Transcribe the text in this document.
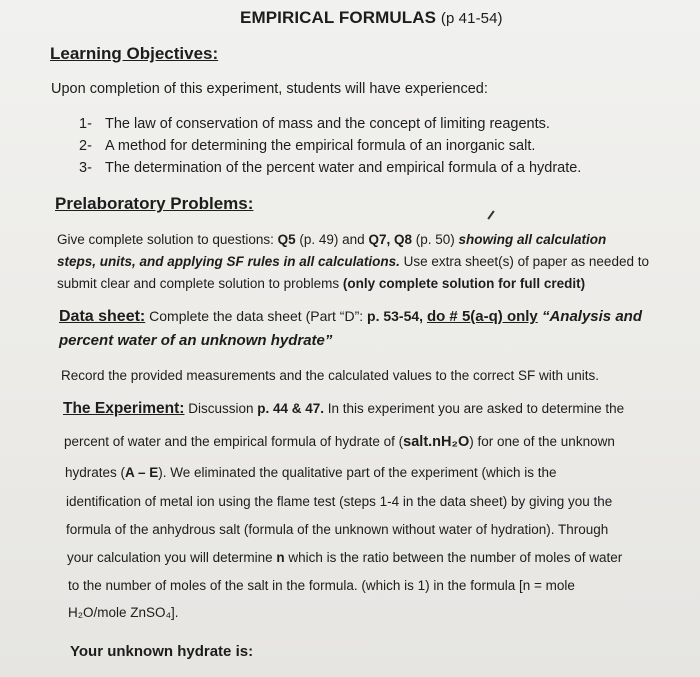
EMPIRICAL FORMULAS (p 41-54)
Learning Objectives:
Upon completion of this experiment, students will have experienced:
1- The law of conservation of mass and the concept of limiting reagents.
2- A method for determining the empirical formula of an inorganic salt.
3- The determination of the percent water and empirical formula of a hydrate.
Prelaboratory Problems:
Give complete solution to questions: Q5 (p. 49) and Q7, Q8 (p. 50) showing all calculation
steps, units, and applying SF rules in all calculations. Use extra sheet(s) of paper as needed to
submit clear and complete solution to problems (only complete solution for full credit)
Data sheet: Complete the data sheet (Part “D”: p. 53-54, do # 5(a-q) only “Analysis and
percent water of an unknown hydrate”
Record the provided measurements and the calculated values to the correct SF with units.
The Experiment: Discussion p. 44 & 47. In this experiment you are asked to determine the
percent of water and the empirical formula of hydrate of (salt.nH₂O) for one of the unknown
hydrates (A – E). We eliminated the qualitative part of the experiment (which is the
identification of metal ion using the flame test (steps 1-4 in the data sheet) by giving you the
formula of the anhydrous salt (formula of the unknown without water of hydration). Through
your calculation you will determine n which is the ratio between the number of moles of water
to the number of moles of the salt in the formula. (which is 1) in the formula [n = mole
H₂O/mole ZnSO₄].
Your unknown hydrate is:
